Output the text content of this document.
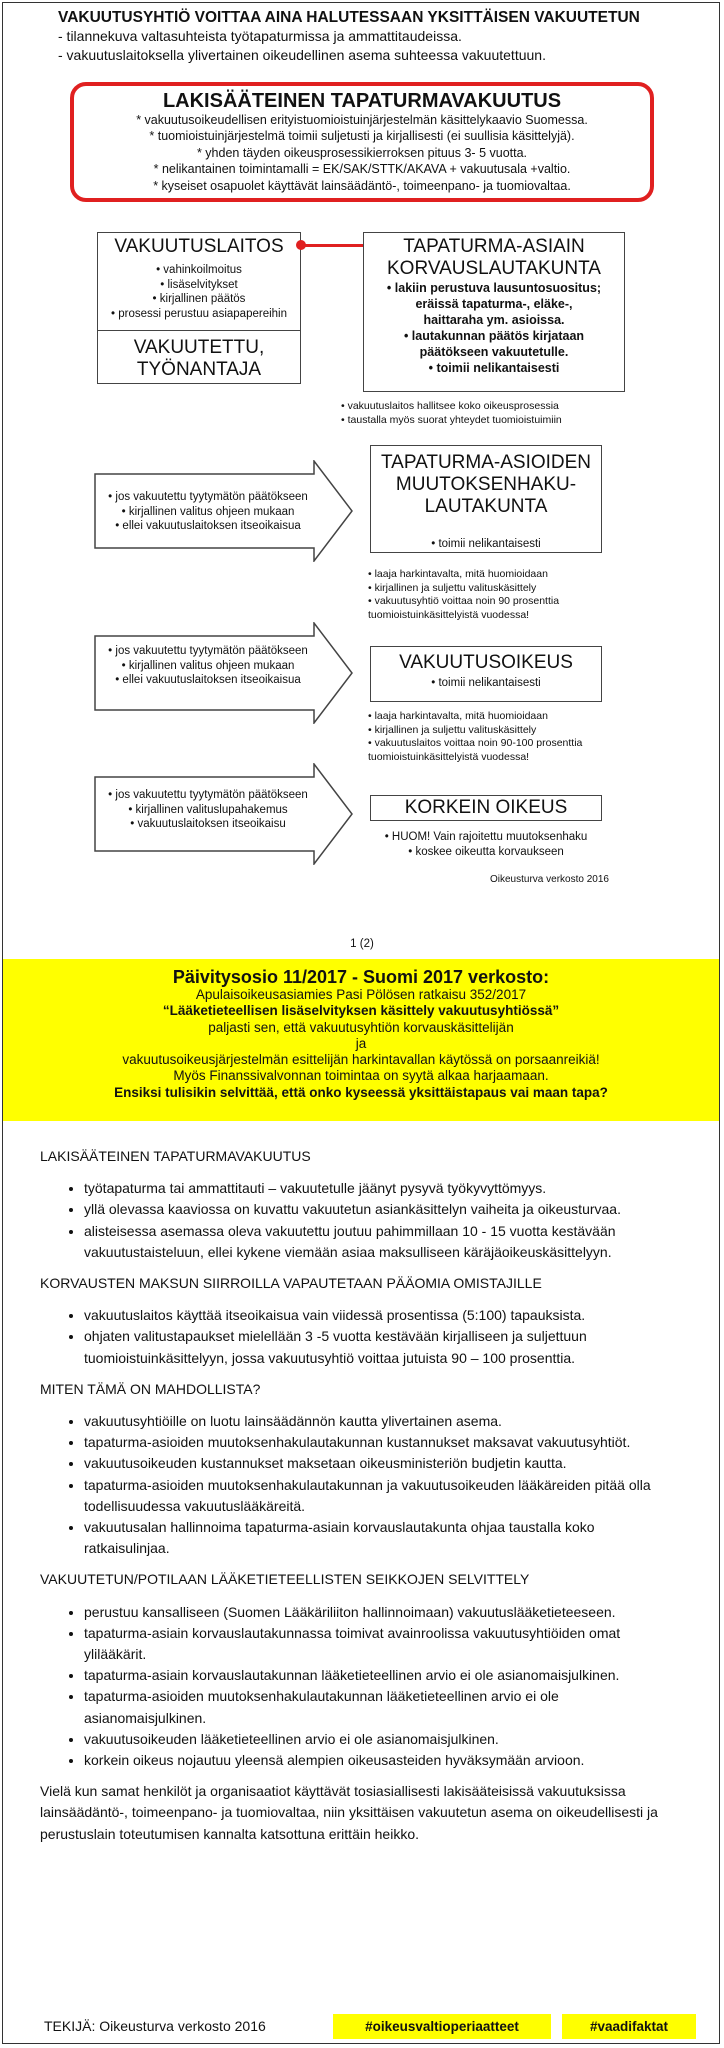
VAKUUTUSYHTIÖ VOITTAA AINA HALUTESSAAN YKSITTÄISEN VAKUUTETUN
- tilannekuva valtasuhteista työtapaturmissa ja ammattitaudeissa.
- vakuutuslaitoksella ylivertainen oikeudellinen asema suhteessa vakuutettuun.
LAKISÄÄTEINEN TAPATURMAVAKUUTUS
* vakuutusoikeudellisen erityistuomioistuinjärjestelmän käsittelykaavio Suomessa.
* tuomioistuinjärjestelmä toimii suljetusti ja kirjallisesti (ei suullisia käsittelyjä).
* yhden täyden oikeusprosessikierroksen pituus 3- 5 vuotta.
* nelikantainen toimintamalli = EK/SAK/STTK/AKAVA + vakuutusala +valtio.
* kyseiset osapuolet käyttävät lainsäädäntö-, toimeenpano- ja tuomiovaltaa.
VAKUUTUSLAITOS
• vahinkoilmoitus
• lisäselvitykset
• kirjallinen päätös
• prosessi perustuu asiapapereihin
VAKUUTETTU, TYÖNANTAJA
TAPATURMA-ASIAIN KORVAUSLAUTAKUNTA
• lakiin perustuva lausuntosuositus;
eräissä tapaturma-, eläke-,
haittaraha ym. asioissa.
• lautakunnan päätös kirjataan
päätökseen vakuutetulle.
• toimii nelikantaisesti
• vakuutuslaitos hallitsee koko oikeusprosessia
• taustalla myös suorat yhteydet tuomioistuimiin
• jos vakuutettu tyytymätön päätökseen
• kirjallinen valitus ohjeen mukaan
• ellei vakuutuslaitoksen itseoikaisua
• jos vakuutettu tyytymätön päätökseen
• kirjallinen valitus ohjeen mukaan
• ellei vakuutuslaitoksen itseoikaisua
• jos vakuutettu tyytymätön päätökseen
• kirjallinen valituslupahakemus
• vakuutuslaitoksen itseoikaisu
TAPATURMA-ASIOIDEN MUUTOKSENHAKU-LAUTAKUNTA
• toimii nelikantaisesti
• laaja harkintavalta, mitä huomioidaan
• kirjallinen ja suljettu valituskäsittely
• vakuutusyhtiö voittaa noin 90 prosenttia
tuomioistuinkäsittelyistä vuodessa!
VAKUUTUSOIKEUS
• toimii nelikantaisesti
• laaja harkintavalta, mitä huomioidaan
• kirjallinen ja suljettu valituskäsittely
• vakuutuslaitos voittaa noin 90-100 prosenttia
tuomioistuinkäsittelyistä vuodessa!
KORKEIN OIKEUS
• HUOM! Vain rajoitettu muutoksenhaku
• koskee oikeutta korvaukseen
Oikeusturva verkosto 2016
1 (2)
Päivitysosio 11/2017 - Suomi 2017 verkosto:
Apulaisoikeusasiamies Pasi Pölösen ratkaisu 352/2017
“Lääketieteellisen lisäselvityksen käsittely vakuutusyhtiössä”
paljasti sen, että vakuutusyhtiön korvauskäsittelijän
ja
vakuutusoikeusjärjestelmän esittelijän harkintavallan käytössä on porsaanreikiä!
Myös Finanssivalvonnan toimintaa on syytä alkaa harjaamaan.
Ensiksi tulisikin selvittää, että onko kyseessä yksittäistapaus vai maan tapa?
LAKISÄÄTEINEN TAPATURMAVAKUUTUS
• työtapaturma tai ammattitauti – vakuutetulle jäänyt pysyvä työkyvyttömyys.
• yllä olevassa kaaviossa on kuvattu vakuutetun asiankäsittelyn vaiheita ja oikeusturvaa.
• alisteisessa asemassa oleva vakuutettu joutuu pahimmillaan 10 - 15 vuotta kestävään vakuutustaisteluun, ellei kykene viemään asiaa maksulliseen käräjäoikeuskäsittelyyn.
KORVAUSTEN MAKSUN SIIRROILLA VAPAUTETAAN PÄÄOMIA OMISTAJILLE
• vakuutuslaitos käyttää itseoikaisua vain viidessä prosentissa (5:100) tapauksista.
• ohjaten valitustapaukset mielellään 3 -5 vuotta kestävään kirjalliseen ja suljettuun tuomioistuinkäsittelyyn, jossa vakuutusyhtiö voittaa jutuista 90 – 100 prosenttia.
MITEN TÄMÄ ON MAHDOLLISTA?
• vakuutusyhtiöille on luotu lainsäädännön kautta ylivertainen asema.
• tapaturma-asioiden muutoksenhakulautakunnan kustannukset maksavat vakuutusyhtiöt.
• vakuutusoikeuden kustannukset maksetaan oikeusministeriön budjetin kautta.
• tapaturma-asioiden muutoksenhakulautakunnan ja vakuutusoikeuden lääkäreiden pitää olla todellisuudessa vakuutuslääkäreitä.
• vakuutusalan hallinnoima tapaturma-asiain korvauslautakunta ohjaa taustalla koko ratkaisulinjaa.
VAKUUTETUN/POTILAAN LÄÄKETIETEELLISTEN SEIKKOJEN SELVITTELY
• perustuu kansalliseen (Suomen Lääkäriliiton hallinnoimaan) vakuutuslääketieteeseen.
• tapaturma-asiain korvauslautakunnassa toimivat avainroolissa vakuutusyhtiöiden omat ylilääkärit.
• tapaturma-asiain korvauslautakunnan lääketieteellinen arvio ei ole asianomaisjulkinen.
• tapaturma-asioiden muutoksenhakulautakunnan lääketieteellinen arvio ei ole asianomaisjulkinen.
• vakuutusoikeuden lääketieteellinen arvio ei ole asianomaisjulkinen.
• korkein oikeus nojautuu yleensä alempien oikeusasteiden hyväksymään arvioon.
Vielä kun samat henkilöt ja organisaatiot käyttävät tosiasiallisesti lakisääteisissä vakuutuksissa lainsäädäntö-, toimeenpano- ja tuomiovaltaa, niin yksittäisen vakuutetun asema on oikeudellisesti ja perustuslain toteutumisen kannalta katsottuna erittäin heikko.
TEKIJÄ: Oikeusturva verkosto 2016	#oikeusvaltioperiaatteet	#vaadifaktat
